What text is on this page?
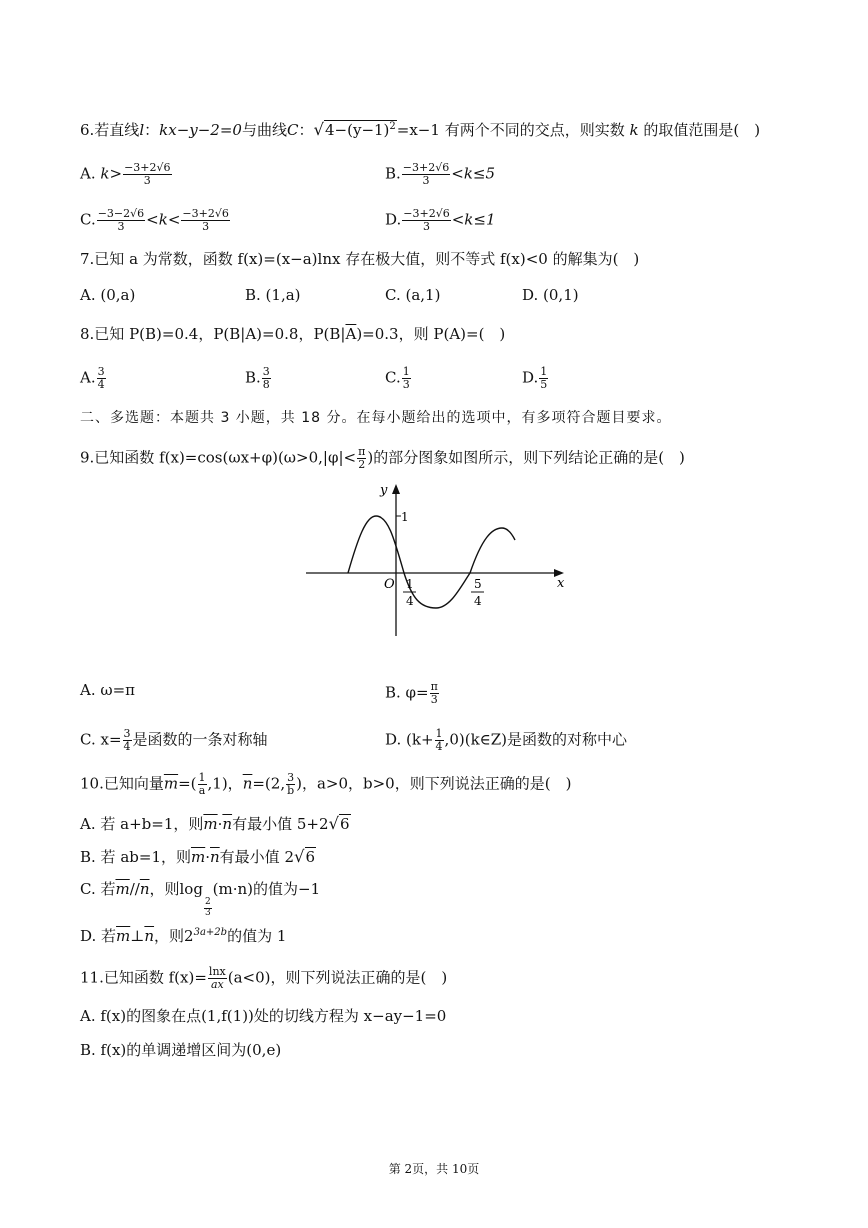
6.若直线l：kx−y−2=0与曲线C：$√4-(y-1)^2=x-1$ 有两个不同的交点，则实数 k 的取值范围是(　)
A. $k> \frac{-3+2√6}{3}$	B. $\frac{-3+2√6}{3} <k\le 5$
C. $\frac{-3-2√6}{3} <k< \frac{-3+2√6}{3}$	D. $\frac{-3+2√6}{3} <k\le 1$
7.已知 a 为常数，函数 f(x)=(x−a)lnx 存在极大值，则不等式 f(x)<0 的解集为(　)
A. (0,a)	B. (1,a)	C. (a,1)	D. (0,1)
8.已知 P(B)=0.4，P(B|A)=0.8，$P(B|\overline{A})=0.3$，则 P(A)=(　)
A. $\frac{3}{4}$	B. $\frac{3}{8}$	C. $\frac{1}{3}$	D. $\frac{1}{5}$
二、多选题：本题共 3 小题，共 18 分。在每小题给出的选项中，有多项符合题目要求。
9.已知函数 $f(x)=\cos(\omega x+\varphi)(\omega>0,|\varphi|< \frac{\pi}{2}$ )的部分图象如图所示，则下列结论正确的是(　)
y
x
O
1
1
4
5
4
A. ω=π	B. $\varphi= \frac{\pi}{3}$
C. $x= \frac{3}{4}$ 是函数的一条对称轴	D. ($k+ \frac{1}{4}$ ,0)(k∈Z)是函数的对称中心
10.已知向量$\overline{m}=( \frac{1}{a} ,1)$，$\overline{n}=(2$, $\frac{3}{b}$ )，a>0，b>0，则下列说法正确的是(　)
A. 若 a+b=1，则$\overline{m}\cdot\overline{n}$有最小值 5+2√6
B. 若 ab=1，则$\overline{m}\cdot\overline{n}$有最小值 2√6
C. 若$\overline{m}//\overline{n}$，则log
$\frac{2}{3}$
(m·n)的值为−1
D. 若$\overline{m}\perp\overline{n}$，则$2^{3a+2b}$的值为 1
11.已知函数 $f(x)= \frac{\ln x}{ax} (a<0)$，则下列说法正确的是(　)
A. f(x)的图象在点(1,f(1))处的切线方程为 x−ay−1=0
B. f(x)的单调递增区间为(0,e)
第 2页，共 10页
